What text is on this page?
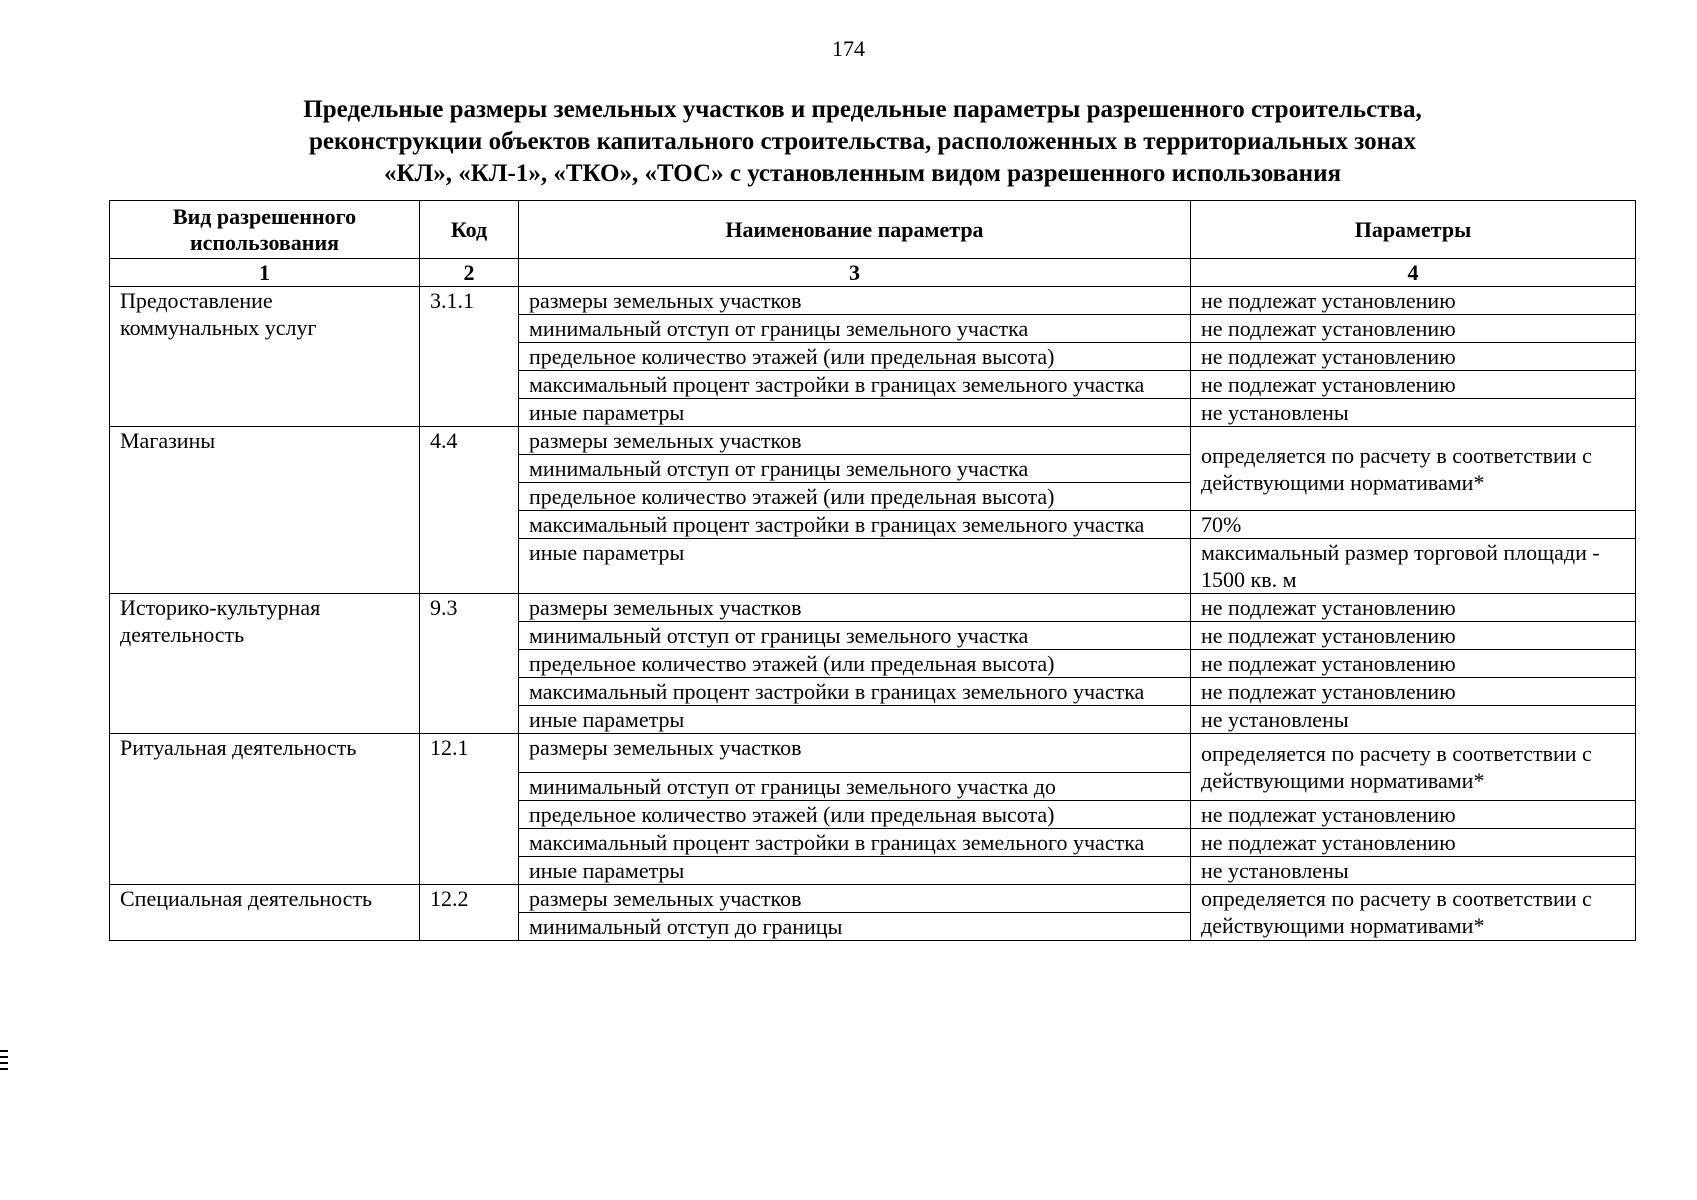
174
Предельные размеры земельных участков и предельные параметры разрешенного строительства,
реконструкции объектов капитального строительства, расположенных в территориальных зонах
«КЛ», «КЛ-1», «ТКО», «ТОС» с установленным видом разрешенного использования
Вид разрешенного использования	Код	Наименование параметра	Параметры
1	2	3	4
Предоставление коммунальных услуг	3.1.1	размеры земельных участков	не подлежат установлению
		минимальный отступ от границы земельного участка	не подлежат установлению
		предельное количество этажей (или предельная высота)	не подлежат установлению
		максимальный процент застройки в границах земельного участка	не подлежат установлению
		иные параметры	не установлены
Магазины	4.4	размеры земельных участков	определяется по расчету в соответствии с действующими нормативами*
		минимальный отступ от границы земельного участка	
		предельное количество этажей (или предельная высота)	
		максимальный процент застройки в границах земельного участка	70%
		иные параметры	максимальный размер торговой площади - 1500 кв. м
Историко-культурная деятельность	9.3	размеры земельных участков	не подлежат установлению
		минимальный отступ от границы земельного участка	не подлежат установлению
		предельное количество этажей (или предельная высота)	не подлежат установлению
		максимальный процент застройки в границах земельного участка	не подлежат установлению
		иные параметры	не установлены
Ритуальная деятельность	12.1	размеры земельных участков	определяется по расчету в соответствии с действующими нормативами*
		минимальный отступ от границы земельного участка до	
		предельное количество этажей (или предельная высота)	не подлежат установлению
		максимальный процент застройки в границах земельного участка	не подлежат установлению
		иные параметры	не установлены
Специальная деятельность	12.2	размеры земельных участков	определяется по расчету в соответствии с действующими нормативами*
		минимальный отступ до границы	
